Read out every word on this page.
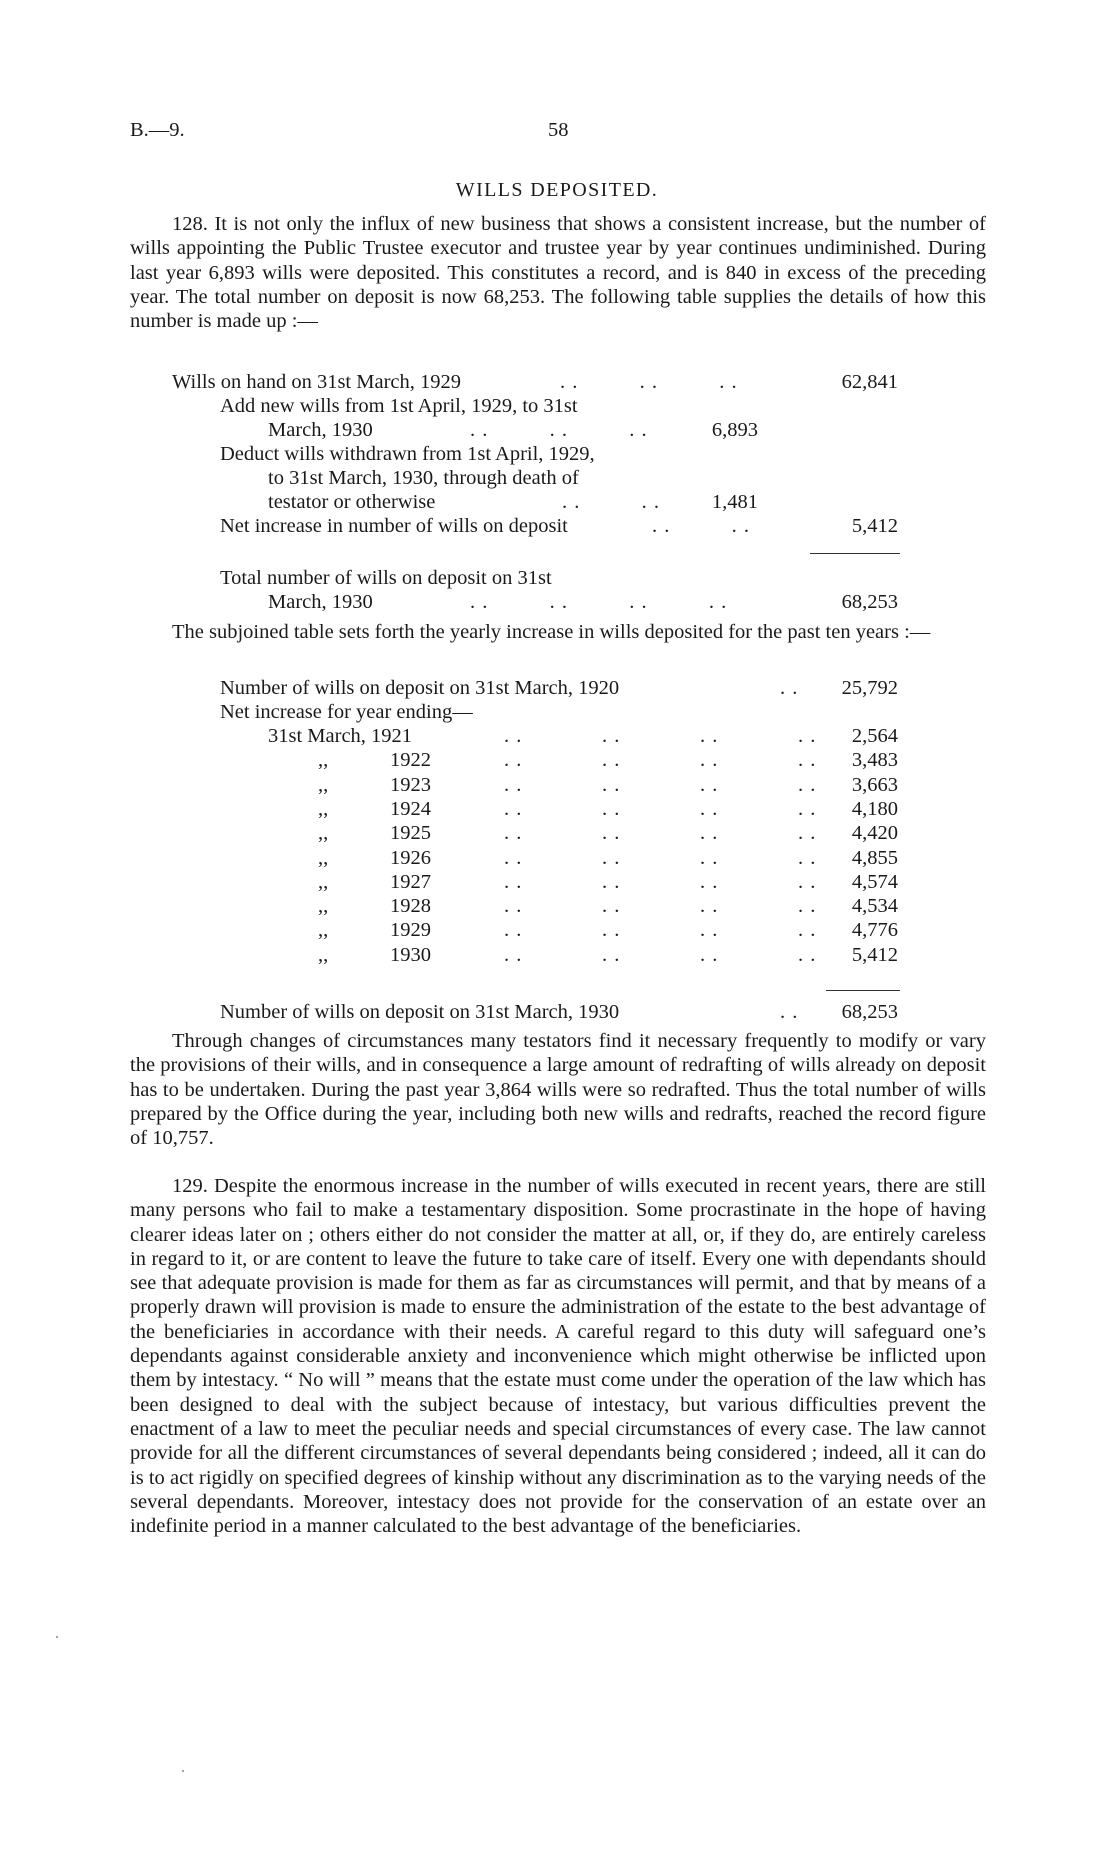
B.—9.	58
WILLS DEPOSITED.
128. It is not only the influx of new business that shows a consistent increase, but the number of wills appointing the Public Trustee executor and trustee year by year continues undiminished. During last year 6,893 wills were deposited. This constitutes a record, and is 840 in excess of the preceding year. The total number on deposit is now 68,253. The following table supplies the details of how this number is made up :—
Wills on hand on 31st March, 1929	. .          . .          . .	62,841
Add new wills from 1st April, 1929, to 31st
March, 1930	. .          . .          . .	6,893
Deduct wills withdrawn from 1st April, 1929,
to 31st March, 1930, through death of
testator or otherwise	. .          . .	1,481
Net increase in number of wills on deposit	. .          . .	5,412
Total number of wills on deposit on 31st
March, 1930	. .          . .          . .          . .	68,253
The subjoined table sets forth the yearly increase in wills deposited for the past ten years :—
Number of wills on deposit on 31st March, 1920	. .	25,792
Net increase for year ending—
31st March, 1921	. .             . .             . .             . .	2,564
,,	1922	. .             . .             . .             . .	3,483
,,	1923	. .             . .             . .             . .	3,663
,,	1924	. .             . .             . .             . .	4,180
,,	1925	. .             . .             . .             . .	4,420
,,	1926	. .             . .             . .             . .	4,855
,,	1927	. .             . .             . .             . .	4,574
,,	1928	. .             . .             . .             . .	4,534
,,	1929	. .             . .             . .             . .	4,776
,,	1930	. .             . .             . .             . .	5,412
Number of wills on deposit on 31st March, 1930	. .	68,253
Through changes of circumstances many testators find it necessary frequently to modify or vary the provisions of their wills, and in consequence a large amount of redrafting of wills already on deposit has to be undertaken. During the past year 3,864 wills were so redrafted. Thus the total number of wills prepared by the Office during the year, including both new wills and redrafts, reached the record figure of 10,757.
129. Despite the enormous increase in the number of wills executed in recent years, there are still many persons who fail to make a testamentary disposition. Some procrastinate in the hope of having clearer ideas later on ; others either do not consider the matter at all, or, if they do, are entirely careless in regard to it, or are content to leave the future to take care of itself. Every one with dependants should see that adequate provision is made for them as far as circumstances will permit, and that by means of a properly drawn will provision is made to ensure the administration of the estate to the best advantage of the beneficiaries in accordance with their needs. A careful regard to this duty will safeguard one’s dependants against considerable anxiety and inconvenience which might otherwise be inflicted upon them by intestacy. “ No will ” means that the estate must come under the operation of the law which has been designed to deal with the subject because of intestacy, but various difficulties prevent the enactment of a law to meet the peculiar needs and special circumstances of every case. The law cannot provide for all the different circumstances of several dependants being considered ; indeed, all it can do is to act rigidly on specified degrees of kinship without any discrimination as to the varying needs of the several dependants. Moreover, intestacy does not provide for the conservation of an estate over an indefinite period in a manner calculated to the best advantage of the beneficiaries.
